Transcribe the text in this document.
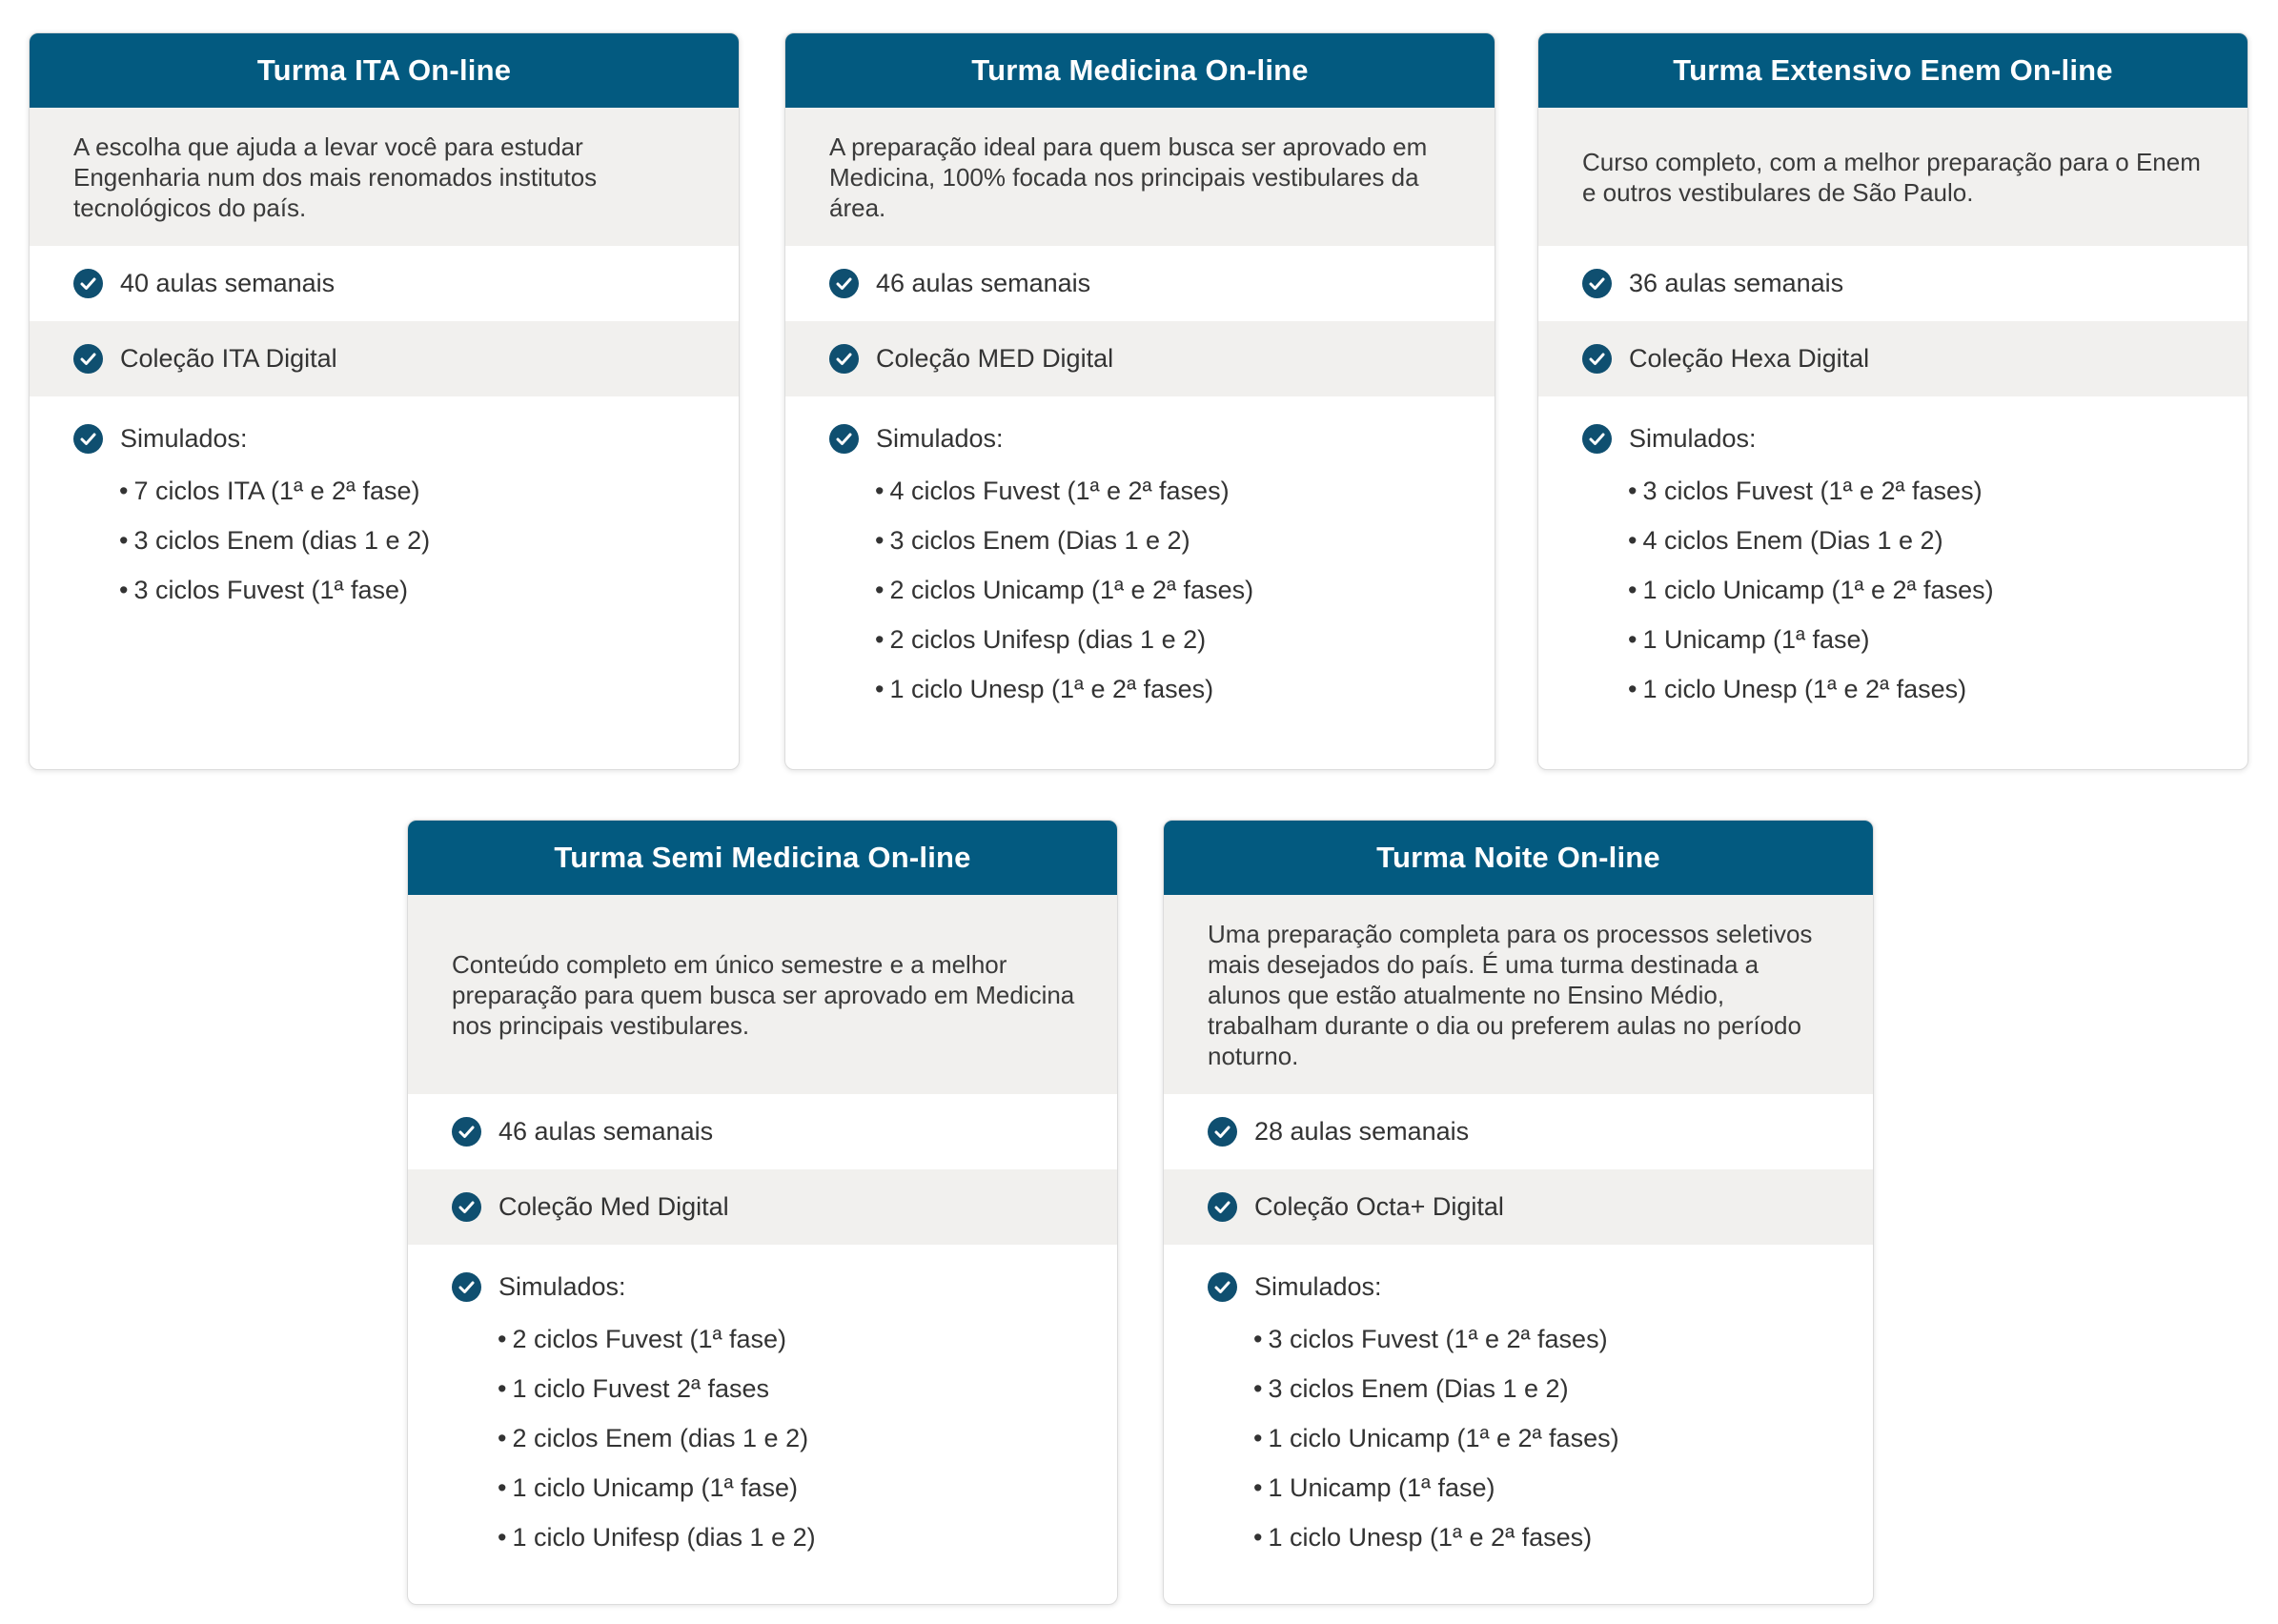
Turma ITA On-line

A escolha que ajuda a levar você para estudar Engenharia num dos mais renomados institutos tecnológicos do país.

40 aulas semanais
Coleção ITA Digital
Simulados:
• 7 ciclos ITA (1ª e 2ª fase)
• 3 ciclos Enem (dias 1 e 2)
• 3 ciclos Fuvest (1ª fase)
Turma Medicina On-line

A preparação ideal para quem busca ser aprovado em Medicina, 100% focada nos principais vestibulares da área.

46 aulas semanais
Coleção MED Digital
Simulados:
• 4 ciclos Fuvest (1ª e 2ª fases)
• 3 ciclos Enem (Dias 1 e 2)
• 2 ciclos Unicamp (1ª e 2ª fases)
• 2 ciclos Unifesp (dias 1 e 2)
• 1 ciclo Unesp (1ª e 2ª fases)
Turma Extensivo Enem On-line

Curso completo, com a melhor preparação para o Enem e outros vestibulares de São Paulo.

36 aulas semanais
Coleção Hexa Digital
Simulados:
• 3 ciclos Fuvest (1ª e 2ª fases)
• 4 ciclos Enem (Dias 1 e 2)
• 1 ciclo Unicamp (1ª e 2ª fases)
• 1 Unicamp (1ª fase)
• 1 ciclo Unesp (1ª e 2ª fases)
Turma Semi Medicina On-line

Conteúdo completo em único semestre e a melhor preparação para quem busca ser aprovado em Medicina nos principais vestibulares.

46 aulas semanais
Coleção Med Digital
Simulados:
• 2 ciclos Fuvest (1ª fase)
• 1 ciclo Fuvest 2ª fases
• 2 ciclos Enem (dias 1 e 2)
• 1 ciclo Unicamp (1ª fase)
• 1 ciclo Unifesp (dias 1 e 2)
Turma Noite On-line

Uma preparação completa para os processos seletivos mais desejados do país. É uma turma destinada a alunos que estão atualmente no Ensino Médio, trabalham durante o dia ou preferem aulas no período noturno.

28 aulas semanais
Coleção Octa+ Digital
Simulados:
• 3 ciclos Fuvest (1ª e 2ª fases)
• 3 ciclos Enem (Dias 1 e 2)
• 1 ciclo Unicamp (1ª e 2ª fases)
• 1 Unicamp (1ª fase)
• 1 ciclo Unesp (1ª e 2ª fases)
